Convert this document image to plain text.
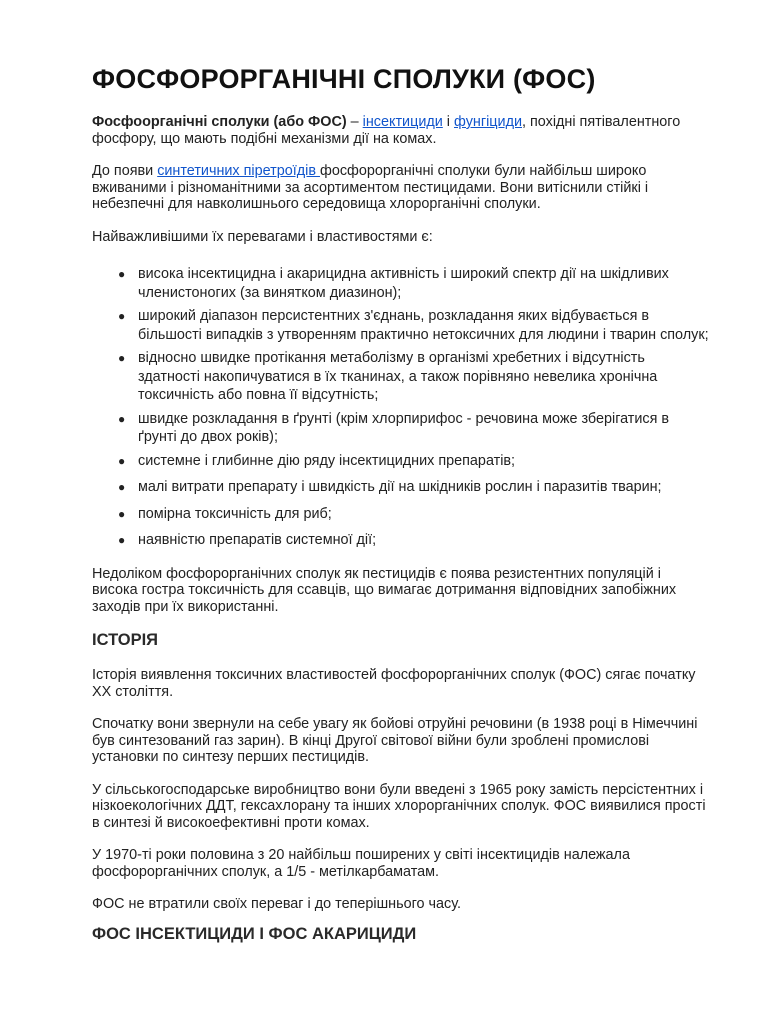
ФОСФОРОРГАНІЧНІ СПОЛУКИ (ФОС)

Фосфоорганічні сполуки (або ФОС) – інсектициди і фунгіциди, похідні пятівалентного фосфору, що мають подібні механізми дії на комах.

До появи синтетичних піретроїдів фосфорорганічні сполуки були найбільш широко вживаними і різноманітними за асортиментом пестицидами. Вони витіснили стійкі і небезпечні для навколишнього середовища хлорорганічні сполуки.

Найважливішими їх перевагами і властивостями є:

● висока інсектицидна і акарицидна активність і широкий спектр дії на шкідливих членистоногих (за винятком диазинон);
● широкий діапазон персистентних з'єднань, розкладання яких відбувається в більшості випадків з утворенням практично нетоксичних для людини і тварин сполук;
● відносно швидке протікання метаболізму в організмі хребетних і відсутність здатності накопичуватися в їх тканинах, а також порівняно невелика хронічна токсичність або повна її відсутність;
● швидке розкладання в ґрунті (крім хлорпирифос - речовина може зберігатися в ґрунті до двох років);
● системне і глибинне дію ряду інсектицидних препаратів;
● малі витрати препарату і швидкість дії на шкідників рослин і паразитів тварин;
● помірна токсичність для риб;
● наявністю препаратів системної дії;

Недоліком фосфорорганічних сполук як пестицидів є поява резистентних популяцій і висока гостра токсичність для ссавців, що вимагає дотримання відповідних запобіжних заходів при їх використанні.

ІСТОРІЯ

Історія виявлення токсичних властивостей фосфорорганічних сполук (ФОС) сягає початку XX століття.

Спочатку вони звернули на себе увагу як бойові отруйні речовини (в 1938 році в Німеччині був синтезований газ зарин). В кінці Другої світової війни були зроблені промислові установки по синтезу перших пестицидів.

У сільськогосподарське виробництво вони були введені з 1965 року замість персістентних і нізкоекологічних ДДТ, гексахлорану та інших хлорорганічних сполук. ФОС виявилися прості в синтезі й високоефективні проти комах.

У 1970-ті роки половина з 20 найбільш поширених у світі інсектицидів належала фосфорорганічних сполук, а 1/5 - метілкарбаматам.

ФОС не втратили своїх переваг і до теперішнього часу.

ФОС ІНСЕКТИЦИДИ І ФОС АКАРИЦИДИ
